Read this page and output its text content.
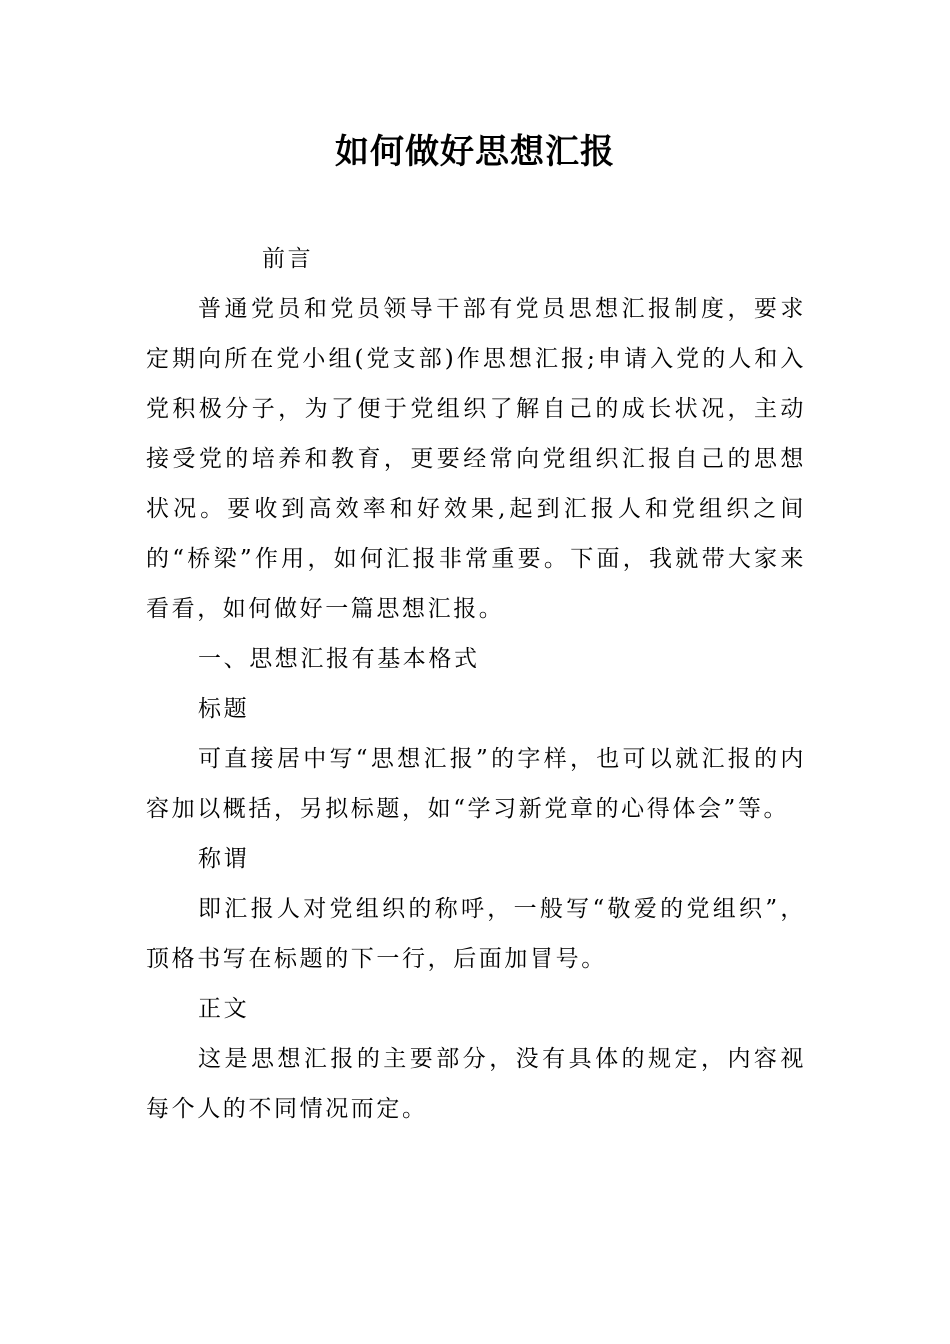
如何做好思想汇报

前言

普通党员和党员领导干部有党员思想汇报制度，要求定期向所在党小组(党支部)作思想汇报;申请入党的人和入党积极分子，为了便于党组织了解自己的成长状况，主动接受党的培养和教育，更要经常向党组织汇报自己的思想状况。要收到高效率和好效果,起到汇报人和党组织之间的“桥梁”作用，如何汇报非常重要。下面，我就带大家来看看，如何做好一篇思想汇报。

一、思想汇报有基本格式

标题

可直接居中写“思想汇报”的字样，也可以就汇报的内容加以概括，另拟标题，如“学习新党章的心得体会”等。

称谓

即汇报人对党组织的称呼，一般写“敬爱的党组织”，顶格书写在标题的下一行，后面加冒号。

正文

这是思想汇报的主要部分，没有具体的规定，内容视每个人的不同情况而定。
